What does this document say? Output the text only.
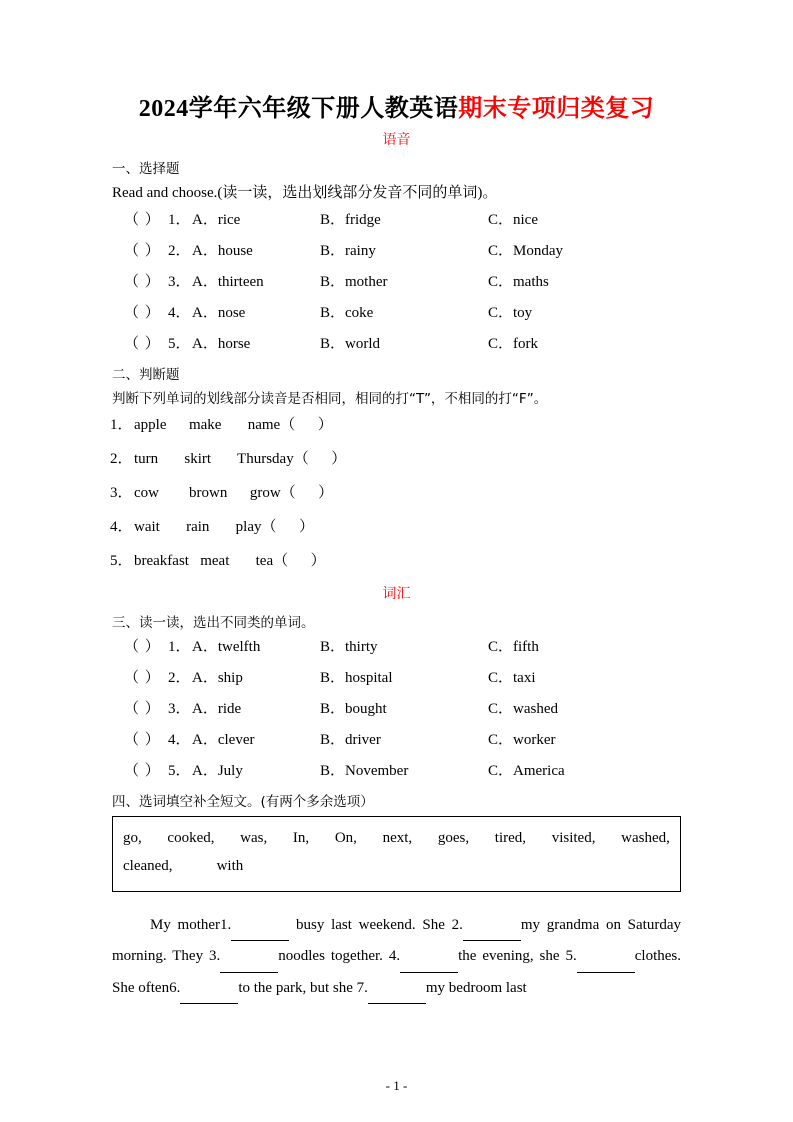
2024学年六年级下册人教英语期末专项归类复习
语音
一、选择题
Read and choose.(读一读，选出划线部分发音不同的单词)。
（ ） 1． A．rice	B．fridge	C．nice
（ ） 2． A．house	B．rainy	C．Monday
（ ） 3． A．thirteen	B．mother	C．maths
（ ） 4． A．nose	B．coke	C．toy
（ ） 5． A．horse	B．world	C．fork
二、判断题
判断下列单词的划线部分读音是否相同，相同的打“T”，不相同的打“F”。
1．apple      make       name（      ）
2．turn       skirt       Thursday（      ）
3．cow        brown      grow（      ）
4．wait       rain       play（      ）
5．breakfast   meat       tea（      ）
词汇
三、读一读，选出不同类的单词。
（ ） 1． A．twelfth	B．thirty	C．fifth
（ ） 2． A．ship	B．hospital	C．taxi
（ ） 3． A．ride	B．bought	C．washed
（ ） 4． A．clever	B．driver	C．worker
（ ） 5． A．July	B．November	C．America
四、选词填空补全短文。(有两个多余选项）
go, cooked, was, In, On, next, goes, tired, visited, washed,
cleaned,	with
My mother1.	busy last weekend. She 2.	my grandma on Saturday morning. They 3.	noodles together. 4.	the evening, she 5.	clothes. She often6.	to the park, but she 7.	my bedroom last
- 1 -
